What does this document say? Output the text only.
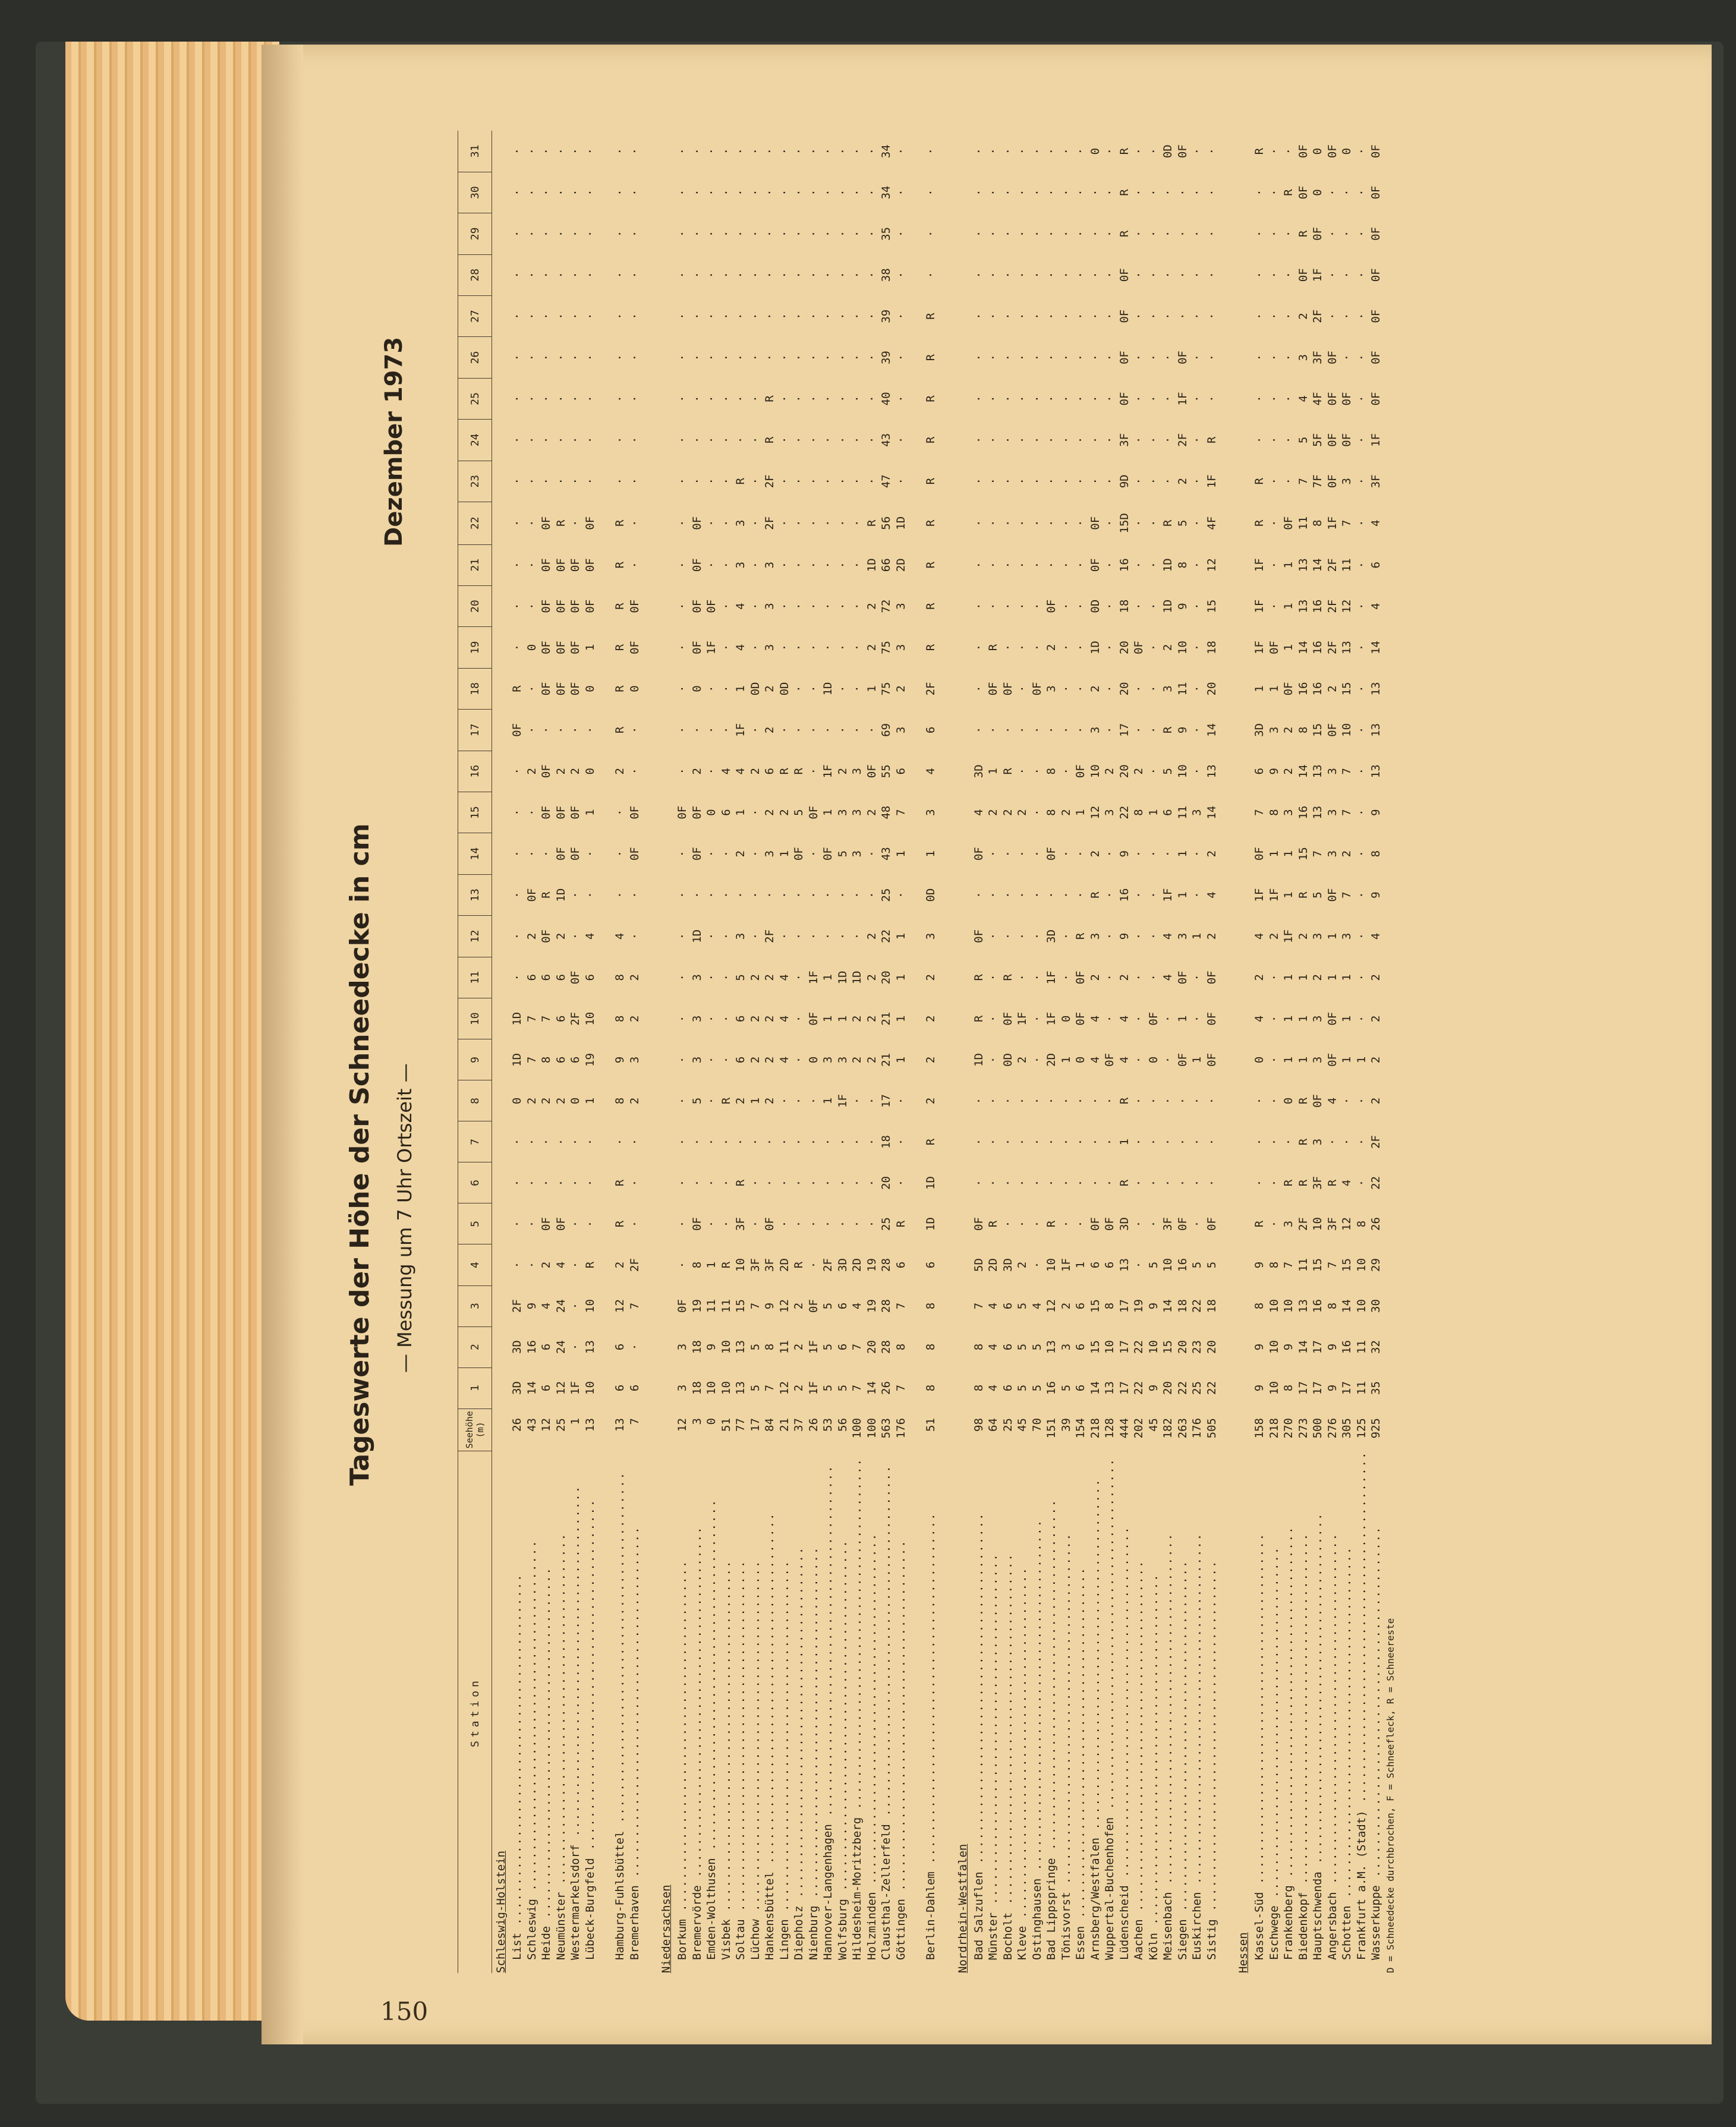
150
Tageswerte der Höhe der Schneedecke in cm — Messung um 7 Uhr Ortszeit —
Dezember 1973
Station	Seehöhe
(m)	1	2	3	4	5	6	7	8	9	10	11	12	13	14	15	16	17	18	19	20	21	22	23	24	25	26	27	28	29	30	31
Schleswig-Holstein																																
List .....	26	3D	3D	2F	·	·	·	·	0	1D	1D	·	·	·	·	·	·	0F	R	·	·	·	·	·	·	·	·	·	·	·	·	·
Schleswig .....	43	14	16	9	·	·	·	·	2	7	7	6	2	0F	·	·	2	·	·	0	·	·	·	·	·	·	·	·	·	·	·	·
Heide .....	12	6	6	4	2	0F	·	·	2	8	7	6	0F	R	·	0F	0F	·	0F	0F	0F	0F	0F	·	·	·	·	·	·	·	·	·
Neumünster .....	25	12	24	24	4	0F	·	·	2	6	6	6	2	1D	0F	0F	2	·	0F	0F	0F	0F	R	·	·	·	·	·	·	·	·	·
Westermarkelsdorf .....	1	1F	·	·	·	·	·	·	0	6	2F	0F	·	·	0F	0F	2	·	0F	0F	0F	0F	·	·	·	·	·	·	·	·	·	·
Lübeck-Burgfeld .....	13	10	13	10	R	·	·	·	1	19	10	6	4	·	·	1	0	·	0	1	0F	0F	0F	·	·	·	·	·	·	·	·	·

Hamburg-Fuhlsbüttel .....	13	6	6	12	2	R	R	·	8	9	8	8	4	·	·	·	2	R	R	R	R	R	R	·	·	·	·	·	·	·	·	·
Bremerhaven .....	7	6	·	7	2F	·	·	·	2	3	2	2	·	·	0F	0F	·	·	0	0F	0F	·	·	·	·	·	·	·	·	·	·	·

Niedersachsen																																
Borkum .....	12	3	3	0F	·	·	·	·	·	·	·	·	·	·	·	0F	·	·	·	·	·	·	·	·	·	·	·	·	·	·	·	·
Bremervörde .....	3	18	18	19	8	0F	·	·	5	3	3	3	1D	·	0F	0F	2	·	0	0F	0F	0F	0F	·	·	·	·	·	·	·	·	·
Emden-Wolthusen .....	0	10	9	11	1	·	·	·	·	·	·	·	·	·	·	0	·	·	·	1F	0F	·	·	·	·	·	·	·	·	·	·	·
Visbek .....	51	10	10	11	R	·	·	·	R	·	·	·	·	·	·	6	4	·	·	·	·	·	·	·	·	·	·	·	·	·	·	·
Soltau .....	77	13	13	15	10	3F	R	·	2	6	6	5	3	·	2	1	4	1F	1	4	4	3	3	R	·	·	·	·	·	·	·	·
Lüchow .....	17	5	5	7	3F	·	·	·	1	2	2	2	·	·	·	·	2	·	0D	·	·	·	·	·	·	·	·	·	·	·	·	·
Hankensbüttel .....	84	7	8	9	3F	0F	·	·	2	2	2	2	2F	·	3	2	6	2	2	3	3	3	2F	2F	R	R	·	·	·	·	·	·
Lingen .....	21	12	11	12	2D	·	·	·	·	4	4	4	·	·	1	2	R	·	0D	·	·	·	·	·	·	·	·	·	·	·	·	·
Diepholz .....	37	2	2	2	R	·	·	·	·	·	·	·	·	·	0F	5	R	·	·	·	·	·	·	·	·	·	·	·	·	·	·	·
Nienburg .....	26	1F	1F	0F	·	·	·	·	·	0	0F	1F	·	·	·	0F	·	·	·	·	·	·	·	·	·	·	·	·	·	·	·	·
Hannover-Langenhagen .....	53	5	5	5	2F	·	·	·	1	3	1	1	·	·	0F	1	1F	·	1D	·	·	·	·	·	·	·	·	·	·	·	·	·
Wolfsburg .....	56	5	6	6	3D	·	·	·	1F	3	1	1D	·	·	5	3	2	·	·	·	·	·	·	·	·	·	·	·	·	·	·	·
Hildesheim-Moritzberg .....	100	7	7	4	2D	·	·	·	·	2	2	1D	·	·	3	3	3	·	·	·	·	·	·	·	·	·	·	·	·	·	·	·
Holzminden .....	100	14	20	19	19	·	·	·	·	2	2	2	2	·	·	2	0F	·	1	2	2	1D	R	·	·	·	·	·	·	·	·	·
Clausthal-Zellerfeld .....	563	26	28	28	28	25	20	18	17	21	21	20	22	25	43	48	55	69	75	75	72	66	56	47	43	40	39	39	38	35	34	34
Göttingen .....	176	7	8	7	6	R	·	·	·	1	1	1	1	·	1	7	6	3	2	3	3	2D	1D	·	·	·	·	·	·	·	·	·

Berlin-Dahlem .....	51	8	8	8	6	1D	1D	R	2	2	2	2	3	0D	1	3	4	6	2F	R	R	R	R	R	R	R	R	R	·	·	·	·

Nordrhein-Westfalen																																
Bad Salzuflen .....	98	8	8	7	5D	0F	·	·	·	1D	R	R	0F	·	0F	4	3D	·	·	·	·	·	·	·	·	·	·	·	·	·	·	·
Münster .....	64	4	4	4	2D	R	·	·	·	·	·	·	·	·	·	2	1	·	0F	R	·	·	·	·	·	·	·	·	·	·	·	·
Bocholt .....	25	6	6	6	3D	·	·	·	·	0D	0F	R	·	·	·	2	R	·	0F	·	·	·	·	·	·	·	·	·	·	·	·	·
Kleve .....	45	5	5	5	2	·	·	·	·	2	1F	·	·	·	·	2	·	·	·	·	·	·	·	·	·	·	·	·	·	·	·	·
Ostinghausen .....	70	5	5	4	·	·	·	·	·	·	·	·	·	·	·	·	·	·	0F	·	·	·	·	·	·	·	·	·	·	·	·	·
Bad Lippspringe .....	151	16	13	12	10	R	·	·	·	2D	1F	1F	3D	·	0F	8	8	·	3	2	0F	·	·	·	·	·	·	·	·	·	·	·
Tönisvorst .....	39	5	3	2	1F	·	·	·	·	1	0	·	·	·	·	2	·	·	·	·	·	·	·	·	·	·	·	·	·	·	·	·
Essen .....	154	6	6	6	1	·	·	·	·	0	0F	0F	R	·	·	1	0F	·	·	·	·	·	·	·	·	·	·	·	·	·	·	·
Arnsberg/Westfalen .....	218	14	15	15	6	0F	·	·	·	4	4	2	3	R	2	12	10	3	2	1D	0D	0F	0F	·	·	·	·	·	·	·	·	0
Wuppertal-Buchenhofen .....	128	13	10	8	6	0F	·	·	·	0F	·	·	·	·	·	3	2	·	·	·	·	·	·	·	·	·	·	·	·	·	·	·
Lüdenscheid .....	444	17	17	17	13	3D	R	1	R	4	4	2	9	16	9	22	20	17	20	20	18	16	15D	9D	3F	0F	0F	0F	0F	R	R	R
Aachen .....	202	22	22	19	·	·	·	·	·	·	·	·	·	·	·	8	2	·	·	0F	·	·	·	·	·	·	·	·	·	·	·	·
Köln .....	45	9	10	9	5	·	·	·	·	0	0F	·	·	·	·	1	·	·	·	·	·	·	·	·	·	·	·	·	·	·	·	·
Meisenbach .....	182	20	15	14	10	3F	·	·	·	·	·	4	4	1F	·	6	5	R	3	2	1D	1D	R	·	·	·	·	·	·	·	·	0D
Siegen .....	263	22	20	18	16	0F	·	·	·	0F	1	0F	3	1	1	11	10	9	11	10	9	8	5	2	2F	1F	0F	·	·	·	·	0F
Euskirchen .....	176	25	23	22	5	·	·	·	·	1	·	·	1	·	·	3	·	·	·	·	·	·	·	·	·	·	·	·	·	·	·	·
Sistig .....	505	22	20	18	5	0F	·	·	·	0F	0F	0F	2	4	2	14	13	14	20	18	15	12	4F	1F	R	·	·	·	·	·	·	·

Hessen																																
Kassel-Süd .....	158	9	9	8	9	R	·	·	·	0	4	2	4	1F	0F	7	6	3D	1	1F	1F	1F	R	R	·	·	·	·	·	·	·	R
Eschwege .....	218	10	10	10	8	·	·	·	·	·	·	·	2	1F	1	8	9	3	1	0F	·	·	·	·	·	·	·	·	·	·	·	·
Frankenberg .....	270	8	9	10	7	3	R	·	0	1	1	1	1F	1	1	3	2	2	0F	1	1	1	0F	·	·	·	·	·	·	·	R	·
Biedenkopf .....	273	17	14	13	11	2F	R	R	R	1	1	1	2	R	15	16	14	8	16	14	13	13	11	7	5	4	3	2	0F	R	0F	0F
Hauptschwenda .....	500	17	17	16	15	10	3F	3	0F	3	3	2	3	5	7	13	13	15	16	16	16	14	8	7F	5F	4F	3F	2F	1F	0F	0	0
Angersbach .....	276	9	9	8	7	3F	R	·	4	0F	0F	1	1	0F	3	3	3	0F	2	2F	2F	2F	1F	0F	0F	0F	0F	·	·	·	·	0F
Schotten .....	305	17	16	14	15	12	4	·	·	1	1	1	3	7	2	7	7	10	15	13	12	11	7	3	0F	0F	·	·	·	·	·	0
Frankfurt a.M. (Stadt) .....	125	11	11	10	10	8	·	·	·	1	·	·	·	·	·	·	·	·	·	·	·	·	·	·	·	·	·	·	·	·	·	·
Wasserkuppe .....	925	35	32	30	29	26	22	2F	2	2	2	2	4	9	8	9	13	13	13	14	4	6	4	3F	1F	0F	0F	0F	0F	0F	0F	0F
D = Schneedecke durchbrochen, F = Schneefleck, R = Schneereste																																
